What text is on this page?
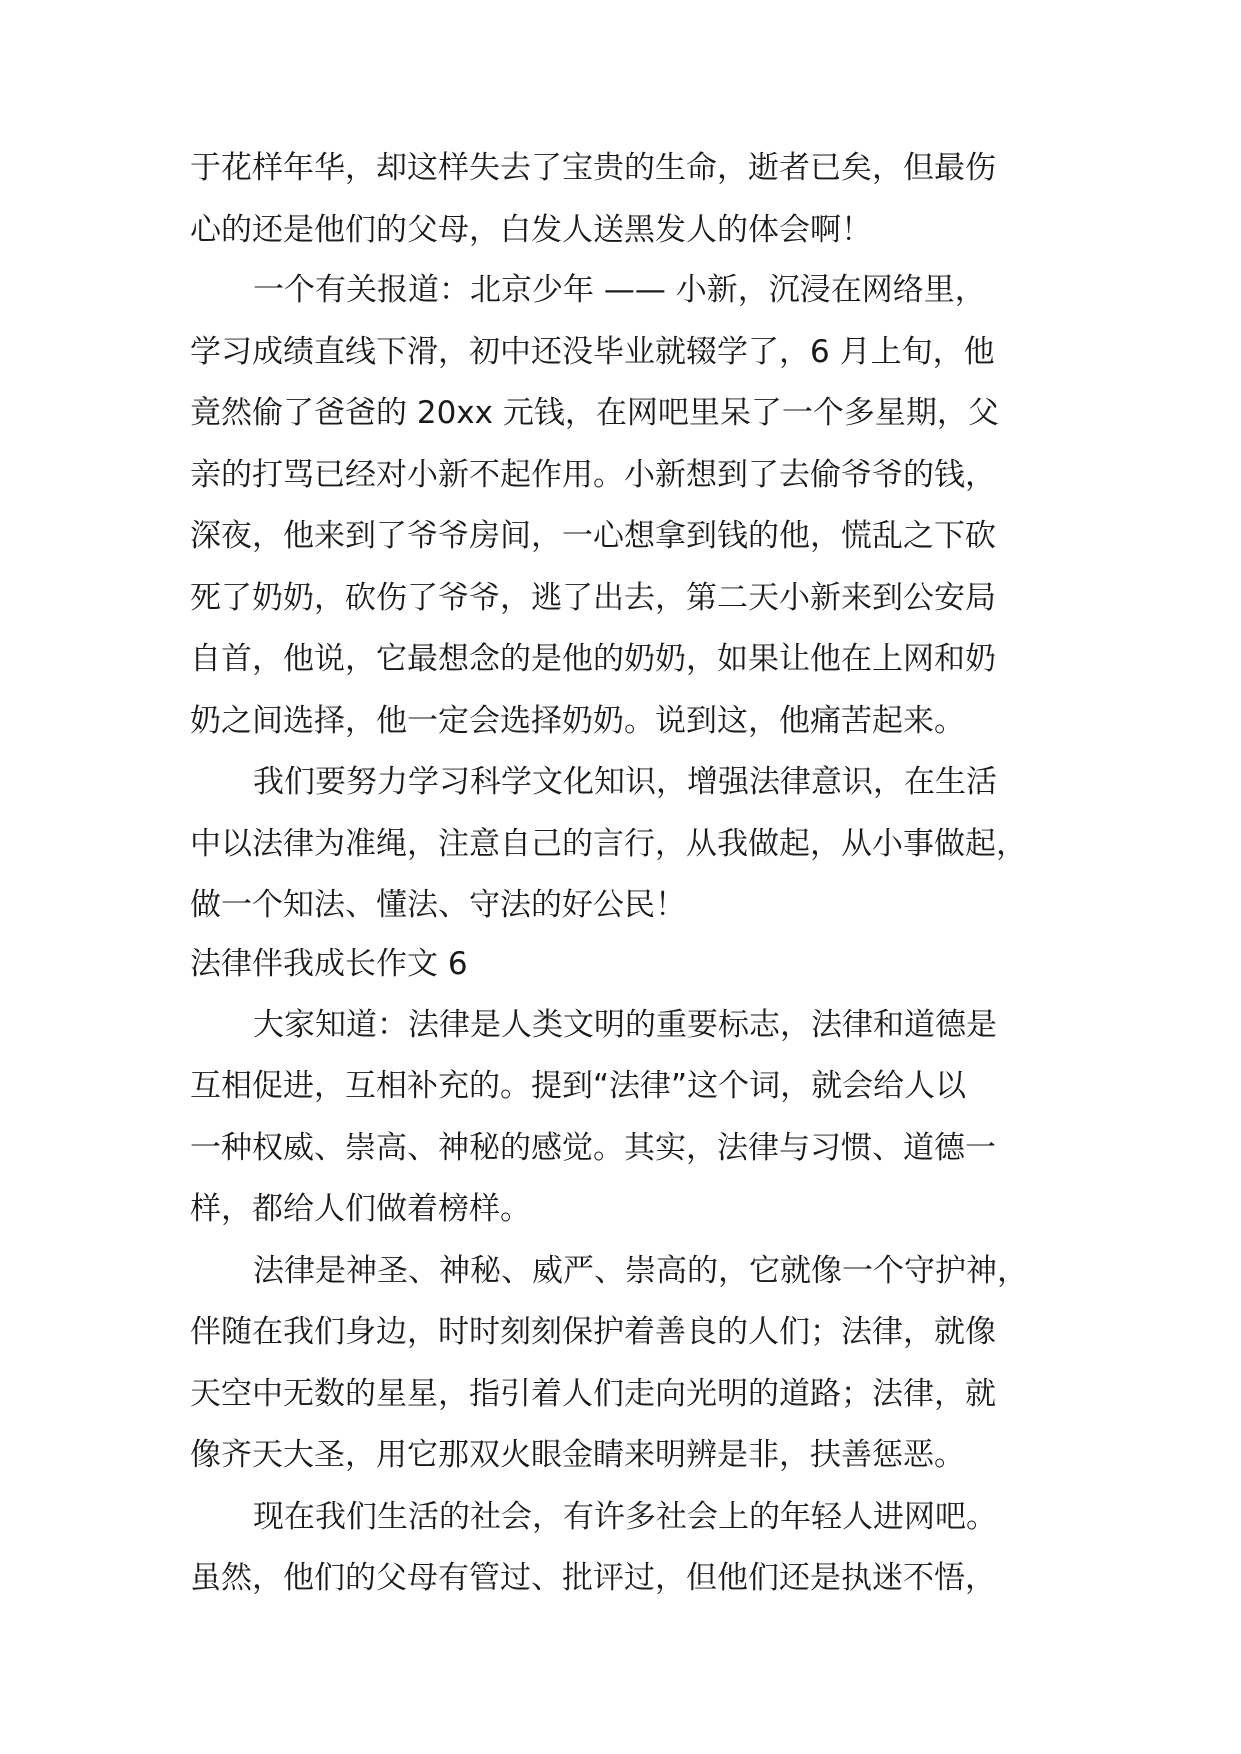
于花样年华，却这样失去了宝贵的生命，逝者已矣，但最伤
心的还是他们的父母，白发人送黑发人的体会啊！
一个有关报道：北京少年 —— 小新，沉浸在网络里，
学习成绩直线下滑，初中还没毕业就辍学了，6 月上旬，他
竟然偷了爸爸的 20xx 元钱，在网吧里呆了一个多星期，父
亲的打骂已经对小新不起作用。小新想到了去偷爷爷的钱，
深夜，他来到了爷爷房间，一心想拿到钱的他，慌乱之下砍
死了奶奶，砍伤了爷爷，逃了出去，第二天小新来到公安局
自首，他说，它最想念的是他的奶奶，如果让他在上网和奶
奶之间选择，他一定会选择奶奶。说到这，他痛苦起来。
我们要努力学习科学文化知识，增强法律意识，在生活
中以法律为准绳，注意自己的言行，从我做起，从小事做起，
做一个知法、懂法、守法的好公民！
法律伴我成长作文 6
大家知道：法律是人类文明的重要标志，法律和道德是
互相促进，互相补充的。提到“法律”这个词，就会给人以
一种权威、崇高、神秘的感觉。其实，法律与习惯、道德一
样，都给人们做着榜样。
法律是神圣、神秘、威严、崇高的，它就像一个守护神，
伴随在我们身边，时时刻刻保护着善良的人们；法律，就像
天空中无数的星星，指引着人们走向光明的道路；法律，就
像齐天大圣，用它那双火眼金睛来明辨是非，扶善惩恶。
现在我们生活的社会，有许多社会上的年轻人进网吧。
虽然，他们的父母有管过、批评过，但他们还是执迷不悟，
